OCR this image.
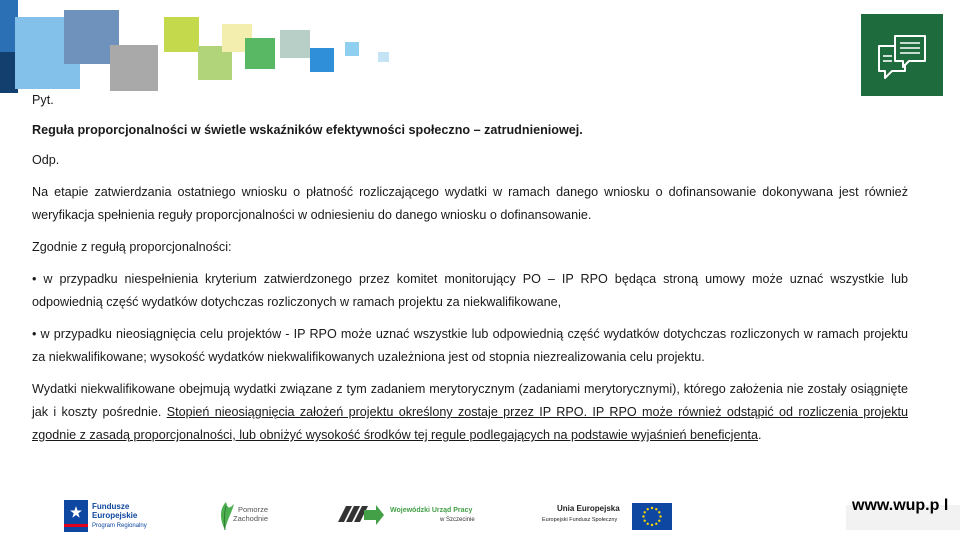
Pyt.

Reguła proporcjonalności w świetle wskaźników efektywności społeczno – zatrudnieniowej.

Odp.

Na etapie zatwierdzania ostatniego wniosku o płatność rozliczającego wydatki w ramach danego wniosku o dofinansowanie dokonywana jest również weryfikacja spełnienia reguły proporcjonalności w odniesieniu do danego wniosku o dofinansowanie.

Zgodnie z regułą proporcjonalności:

• w przypadku niespełnienia kryterium zatwierdzonego przez komitet monitorujący PO – IP RPO będąca stroną umowy może uznać wszystkie lub odpowiednią część wydatków dotychczas rozliczonych w ramach projektu za niekwalifikowane,

• w przypadku nieosiągnięcia celu projektów - IP RPO może uznać wszystkie lub odpowiednią część wydatków dotychczas rozliczonych w ramach projektu za niekwalifikowane; wysokość wydatków niekwalifikowanych uzależniona jest od stopnia niezrealizowania celu projektu.

Wydatki niekwalifikowane obejmują wydatki związane z tym zadaniem merytorycznym (zadaniami merytorycznymi), którego założenia nie zostały osiągnięte jak i koszty pośrednie. Stopień nieosiągnięcia założeń projektu określony zostaje przez IP RPO. IP RPO może również odstąpić od rozliczenia projektu zgodnie z zasadą proporcjonalności, lub obniżyć wysokość środków tej regule podlegających na podstawie wyjaśnień beneficjenta.

Fundusze
Europejskie
Program Regionalny
Pomorze
Zachodnie
Wojewódzki Urząd Pracy
w Szczecinie
Unia Europejska
Europejski Fundusz Społeczny
www.wup.p l
